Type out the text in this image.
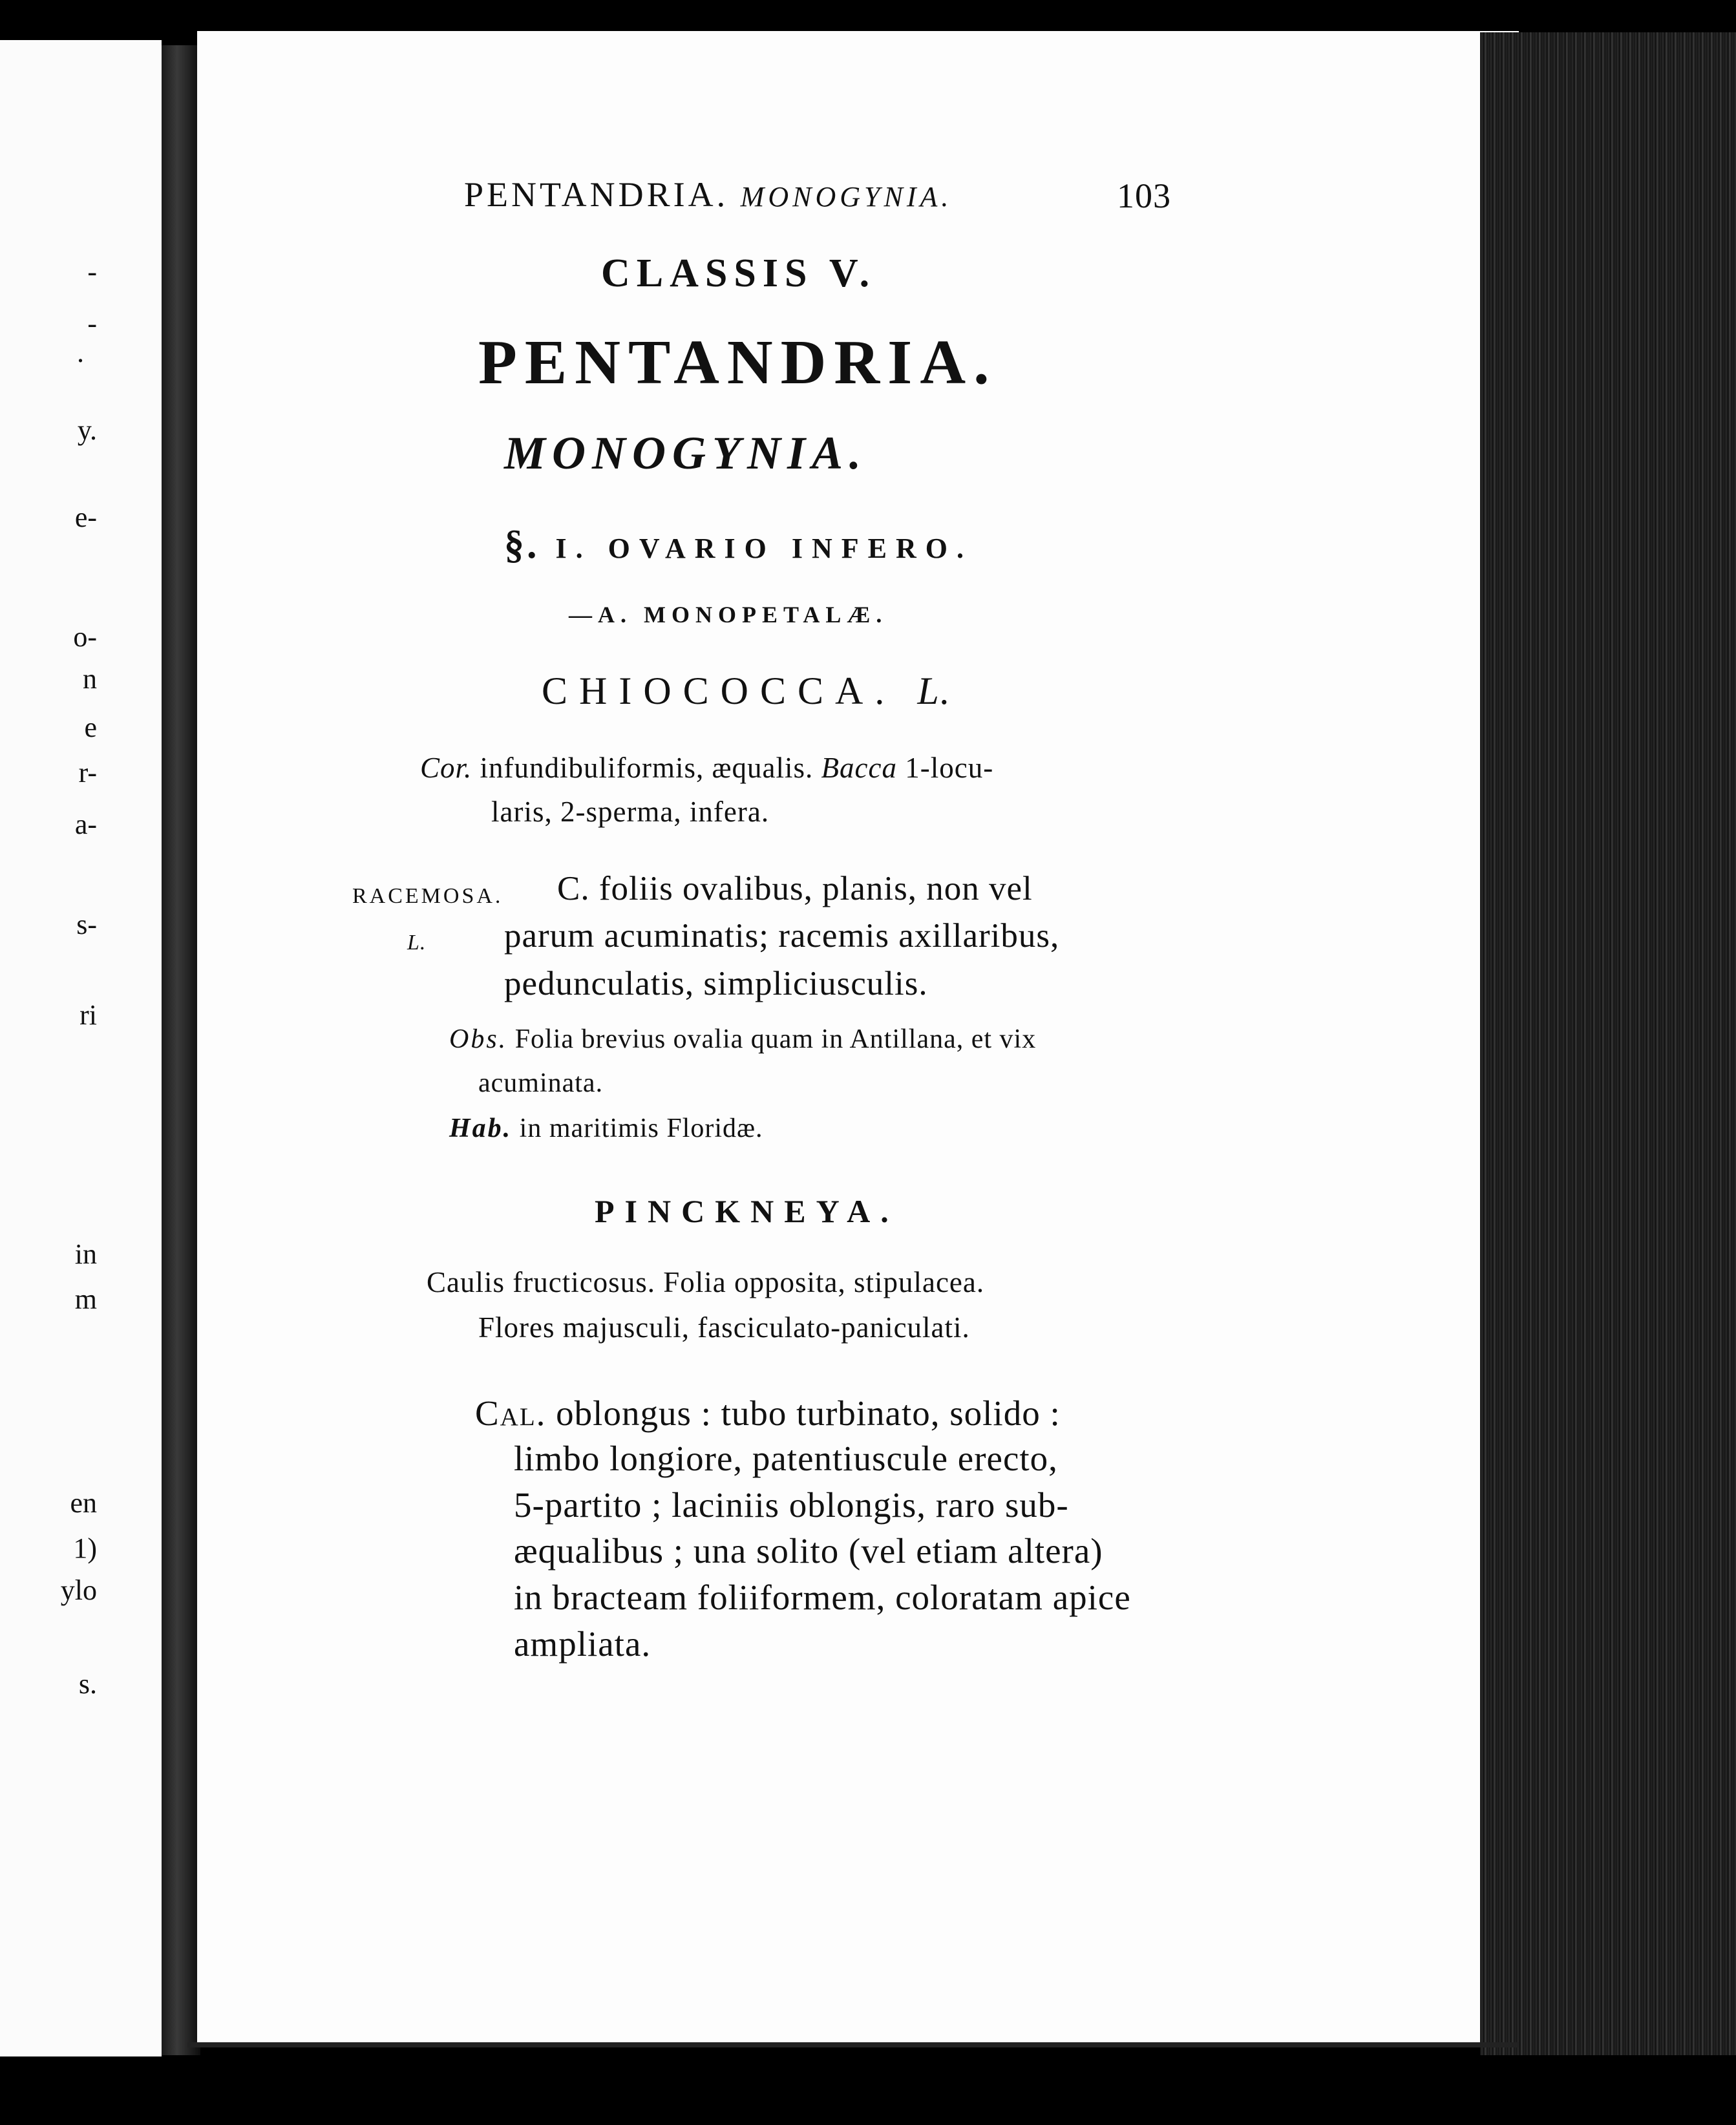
-
-
.
y.
e-
o-
n
e
r-
a-
s-
ri
in
m
en
1)
ylo
s.
PENTANDRIA. MONOGYNIA.	103
CLASSIS V.
PENTANDRIA.
MONOGYNIA.
§. I. OVARIO INFERO.
—A. MONOPETALÆ.
CHIOCOCCA. L.
Cor. infundibuliformis, æqualis. Bacca 1-locu-
laris, 2-sperma, infera.
RACEMOSA.
L.
C. foliis ovalibus, planis, non vel
parum acuminatis; racemis axillaribus,
pedunculatis, simpliciusculis.
Obs. Folia brevius ovalia quam in Antillana, et vix
acuminata.
Hab. in maritimis Floridæ.
PINCKNEYA.
Caulis fructicosus. Folia opposita, stipulacea.
Flores majusculi, fasciculato-paniculati.
Cal. oblongus : tubo turbinato, solido :
limbo longiore, patentiuscule erecto,
5-partito ; laciniis oblongis, raro sub-
æqualibus ; una solito (vel etiam altera)
in bracteam foliiformem, coloratam apice
ampliata.
